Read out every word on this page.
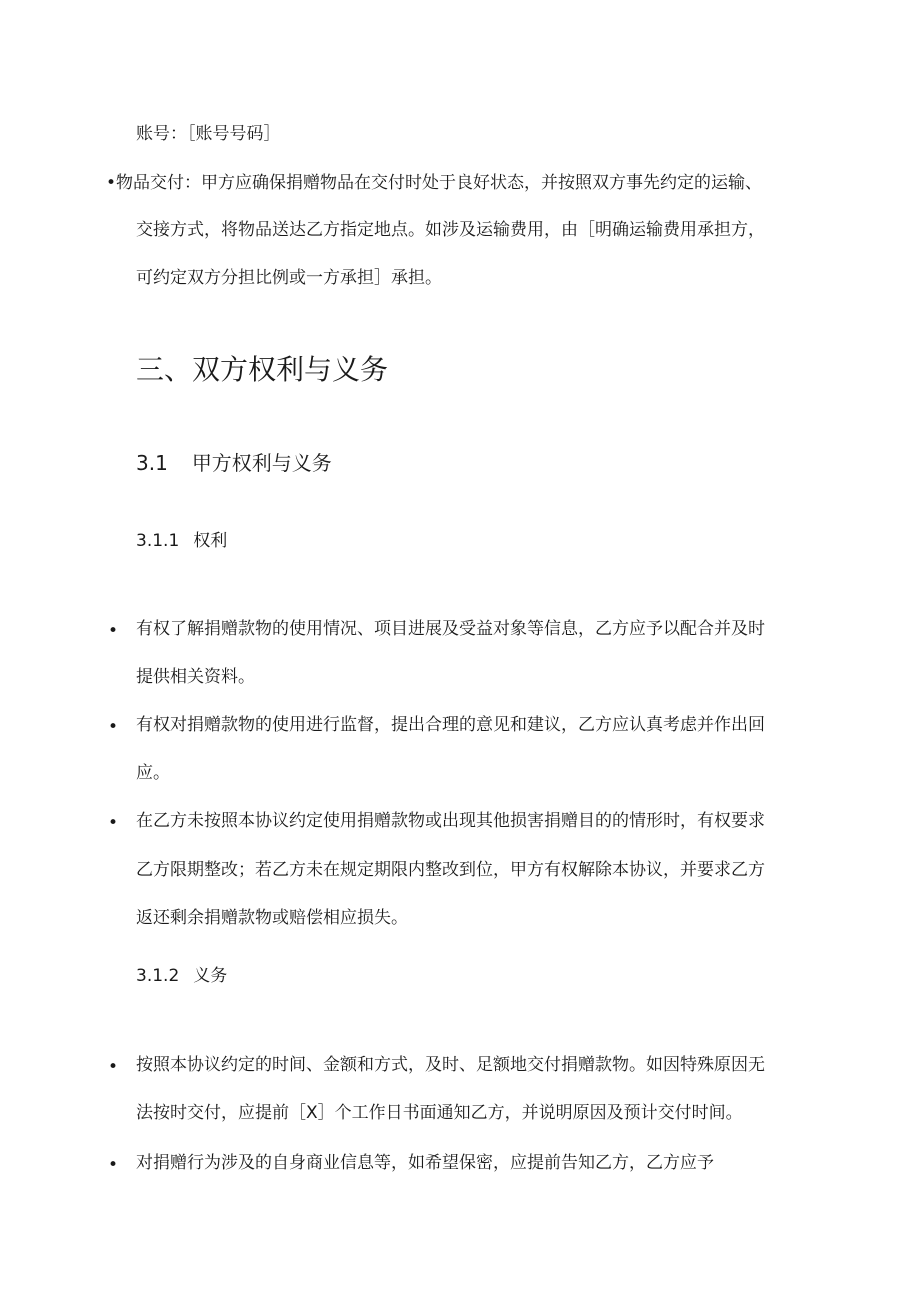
账号：［账号号码］
•物品交付：甲方应确保捐赠物品在交付时处于良好状态，并按照双方事先约定的运输、
交接方式，将物品送达乙方指定地点。如涉及运输费用，由［明确运输费用承担方，
可约定双方分担比例或一方承担］承担。
三、双方权利与义务
3.1 甲方权利与义务
3.1.1 权利
• 有权了解捐赠款物的使用情况、项目进展及受益对象等信息，乙方应予以配合并及时
提供相关资料。
• 有权对捐赠款物的使用进行监督，提出合理的意见和建议，乙方应认真考虑并作出回
应。
• 在乙方未按照本协议约定使用捐赠款物或出现其他损害捐赠目的的情形时，有权要求
乙方限期整改；若乙方未在规定期限内整改到位，甲方有权解除本协议，并要求乙方
返还剩余捐赠款物或赔偿相应损失。
3.1.2 义务
• 按照本协议约定的时间、金额和方式，及时、足额地交付捐赠款物。如因特殊原因无
法按时交付，应提前［X］个工作日书面通知乙方，并说明原因及预计交付时间。
• 对捐赠行为涉及的自身商业信息等，如希望保密，应提前告知乙方，乙方应予
